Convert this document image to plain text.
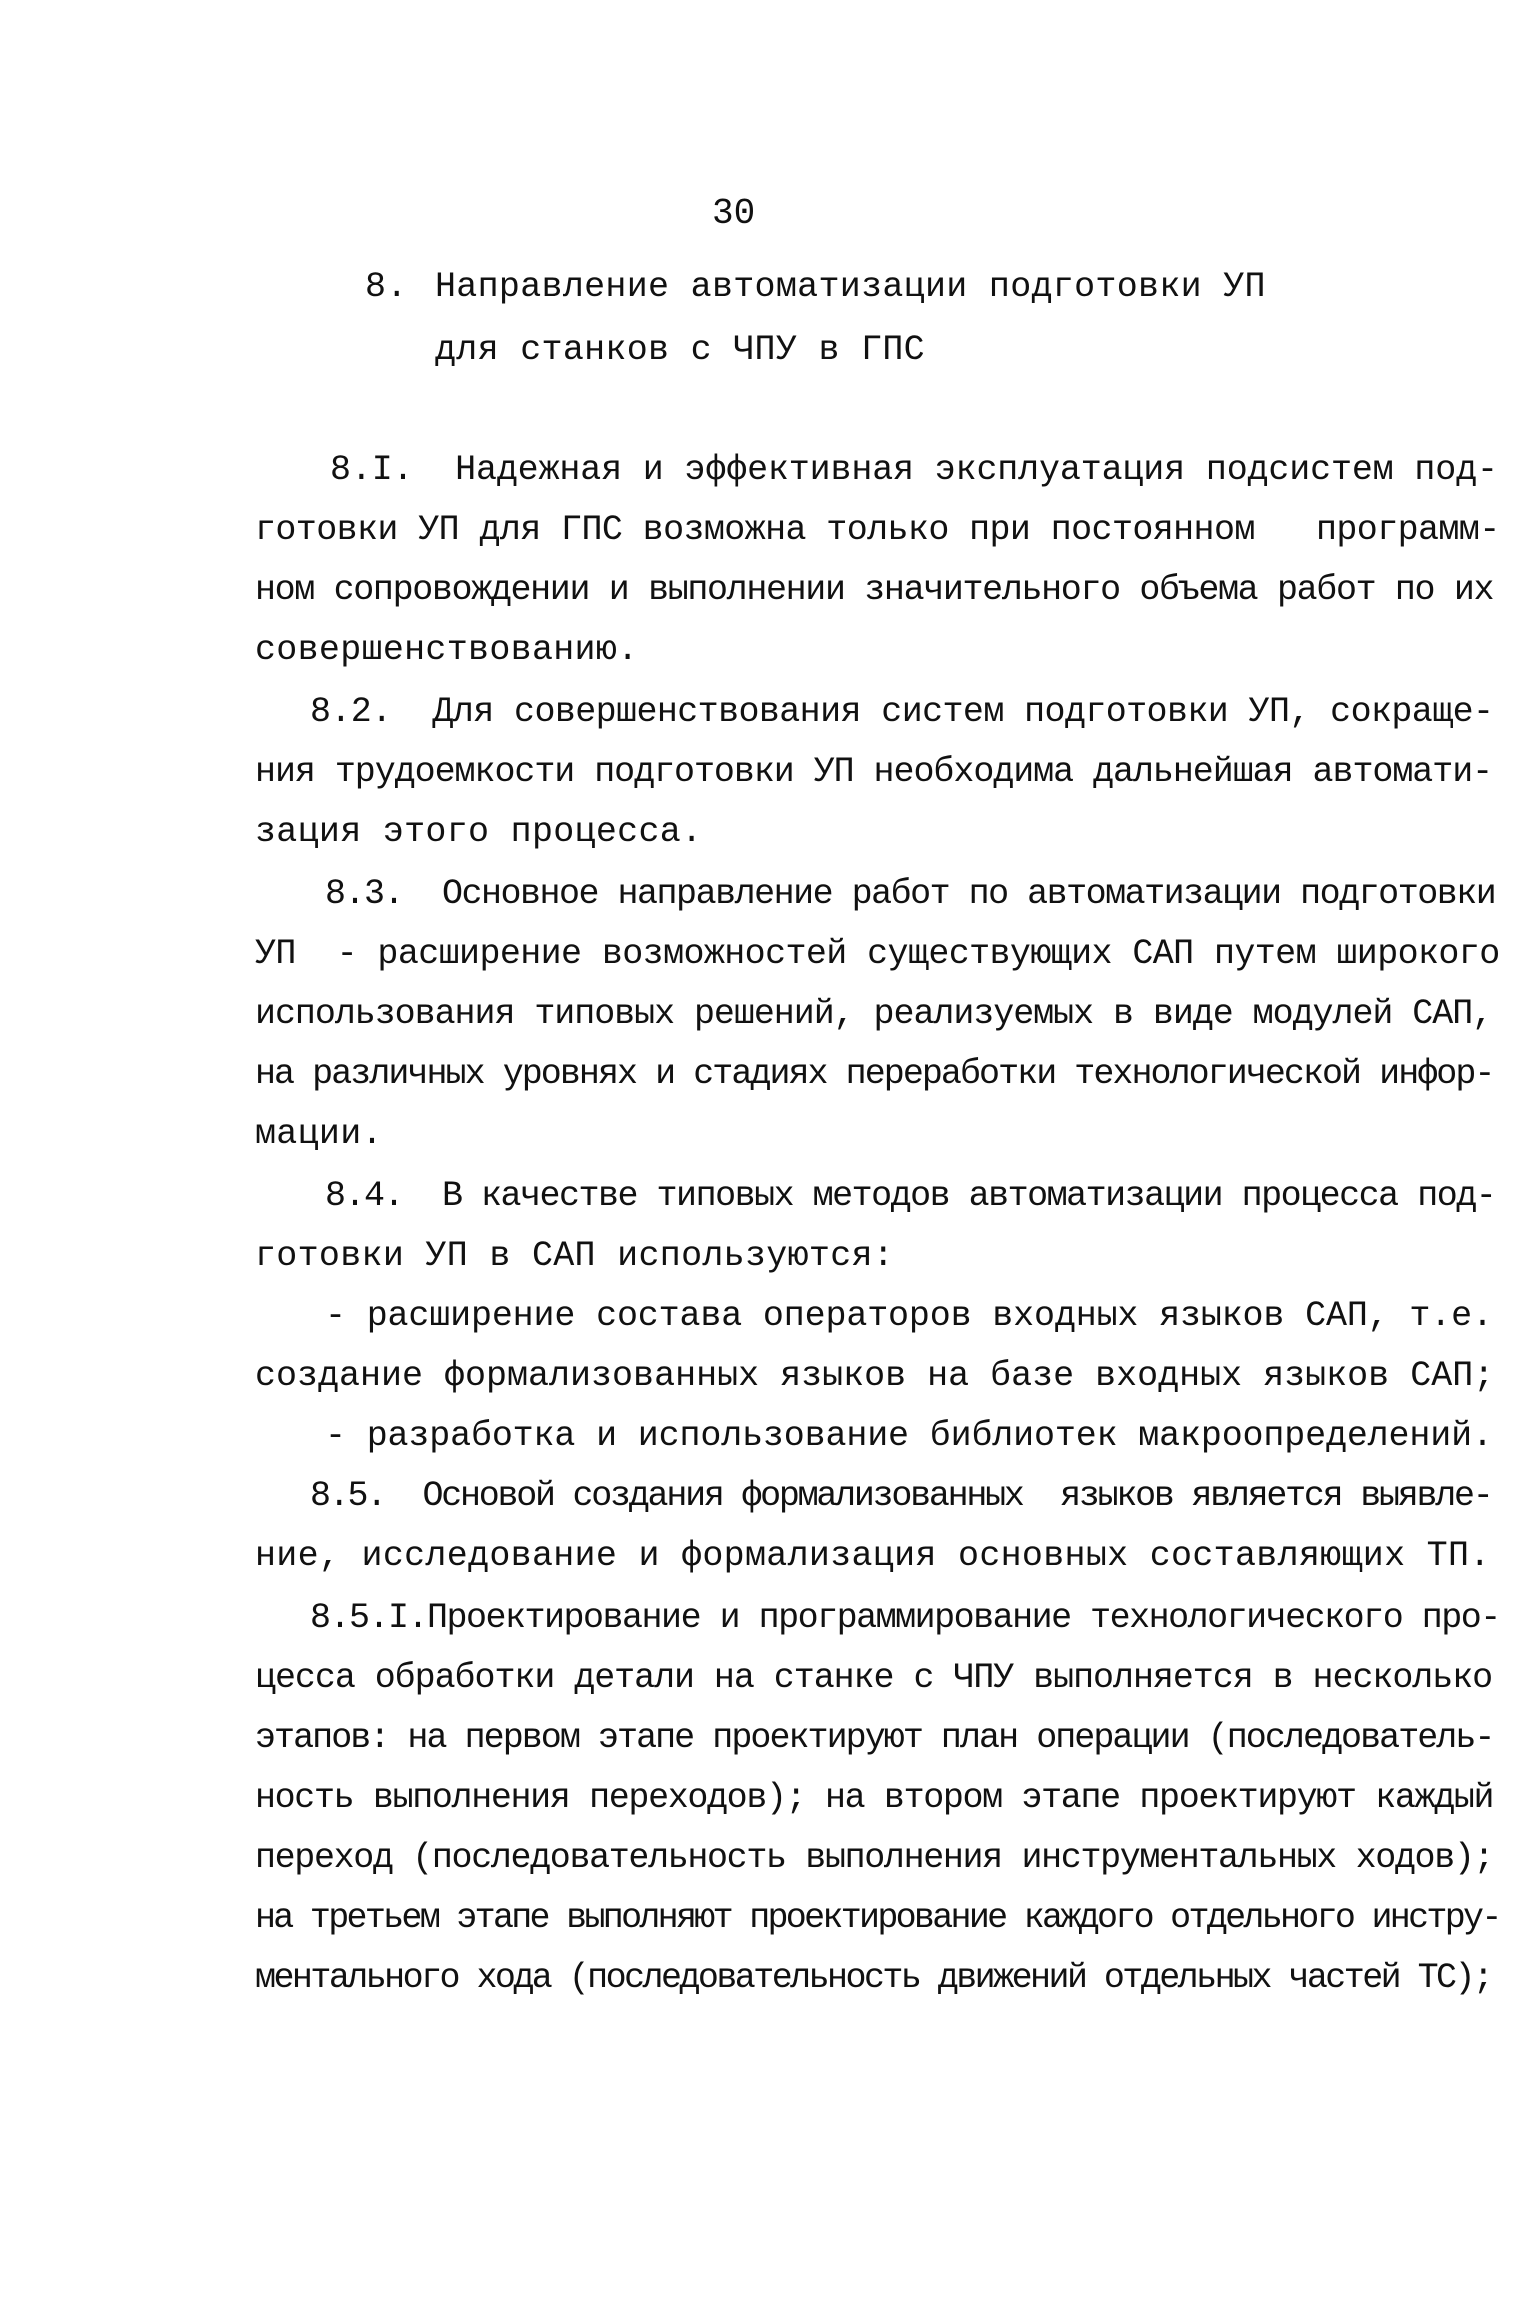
30
8. Направление автоматизации подготовки УП
для станков с ЧПУ в ГПС
8.I.  Надежная и эффективная эксплуатация подсистем под-
готовки УП для ГПС возможна только при постоянном   программ-
ном сопровождении и выполнении значительного объема работ по их
совершенствованию.
8.2.  Для совершенствования систем подготовки УП, сокраще-
ния трудоемкости подготовки УП необходима дальнейшая автомати-
зация этого процесса.
8.3.  Основное направление работ по автоматизации подготовки
УП  - расширение возможностей существующих САП путем широкого
использования типовых решений, реализуемых в виде модулей САП,
на различных уровнях и стадиях переработки технологической инфор-
мации.
8.4.  В качестве типовых методов автоматизации процесса под-
готовки УП в САП используются:
- расширение состава операторов входных языков САП, т.е.
создание формализованных языков на базе входных языков САП;
- разработка и использование библиотек макроопределений.
8.5.  Основой создания формализованных  языков является выявле-
ние, исследование и формализация основных составляющих ТП.
8.5.I.Проектирование и программирование технологического про-
цесса обработки детали на станке с ЧПУ выполняется в несколько
этапов: на первом этапе проектируют план операции (последователь-
ность выполнения переходов); на втором этапе проектируют каждый
переход (последовательность выполнения инструментальных ходов);
на третьем этапе выполняют проектирование каждого отдельного инстру-
ментального хода (последовательность движений отдельных частей ТС);
